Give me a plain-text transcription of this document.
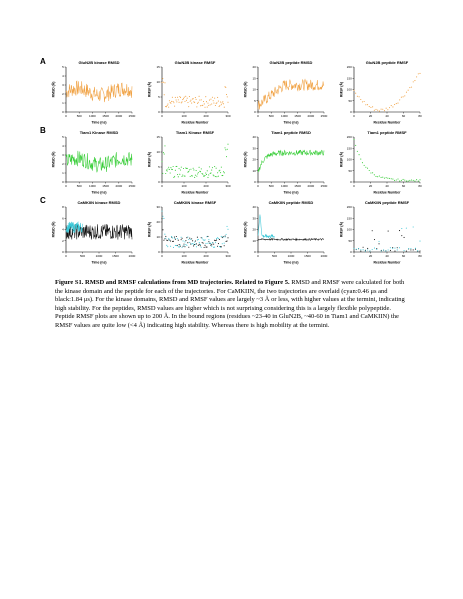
A
B
C
GluN2B kinase RMSD
0	500 1000 1500 2000 2500
0
1
2
3
4
5
Time (ns)
RMSD (Å)
GluN2B kinase RMSF
0	100	200	300
0
5
10
15
Residue Number
RMSF (Å)
GluN2B peptide RMSD
0	500 1000 1500 2000 2500
0
5
10
15
20
Time (ns)
RMSD (Å)
GluN2B peptide RMSF
0	20	40	60	80
0
50
100
150
200
Residue Number
RMSF (Å)
Tiam1 Kinase RMSD
0	500 1000 1500 2000 2500
0
1
2
3
4
5
Time (ns)
RMSD (Å)
Tiam1 Kinase RMSF
0	100	200	300
0
5
10
15
Residue Number
RMSF (Å)
Tiam1 peptide RMSD
0	500 1000 1500 2000 2500
0
10
20
30
40
Time (ns)
RMSD (Å)
Tiam1 peptide RMSF
0	20	40	60	80
0
50
100
150
200
Residue Number
RMSF (Å)
CaMKIIN kinase RMSD
0	500	1000	1500	2000
0
2
4
6
8
Time (ns)
RMSD (Å)
CaMKIIN kinase RMSF
0	100	200	300
0
10
20
30
Residue Number
RMSF (Å)
CaMKIIN peptide RMSD
0	500	1000	1500	2000
0
10
20
30
40
Time (ns)
RMSD (Å)
CaMKIIN peptide RMSF
0	20	40	60	80
0
50
100
150
200
Residue Number
RMSF (Å)
Figure S1. RMSD and RMSF calculations from MD trajectories. Related to Figure 5. RMSD and RMSF were calculated for both the kinase domain and the peptide for each of the trajectories. For CaMKIIN, the two trajectories are overlaid (cyan:0.46 μs and black:1.84 μs). For the kinase domains, RMSD and RMSF values are largely ~3 Å or less, with higher values at the termini, indicating high stability. For the peptides, RMSD values are higher which is not surprising considering this is a largely flexible polypeptide. Peptide RMSF plots are shown up to 200 Å. In the bound regions (residues ~23-40 in GluN2B, ~40-60 in Tiam1 and CaMKIIN) the RMSF values are quite low (<4 Å) indicating high stability. Whereas there is high mobility at the termini.
